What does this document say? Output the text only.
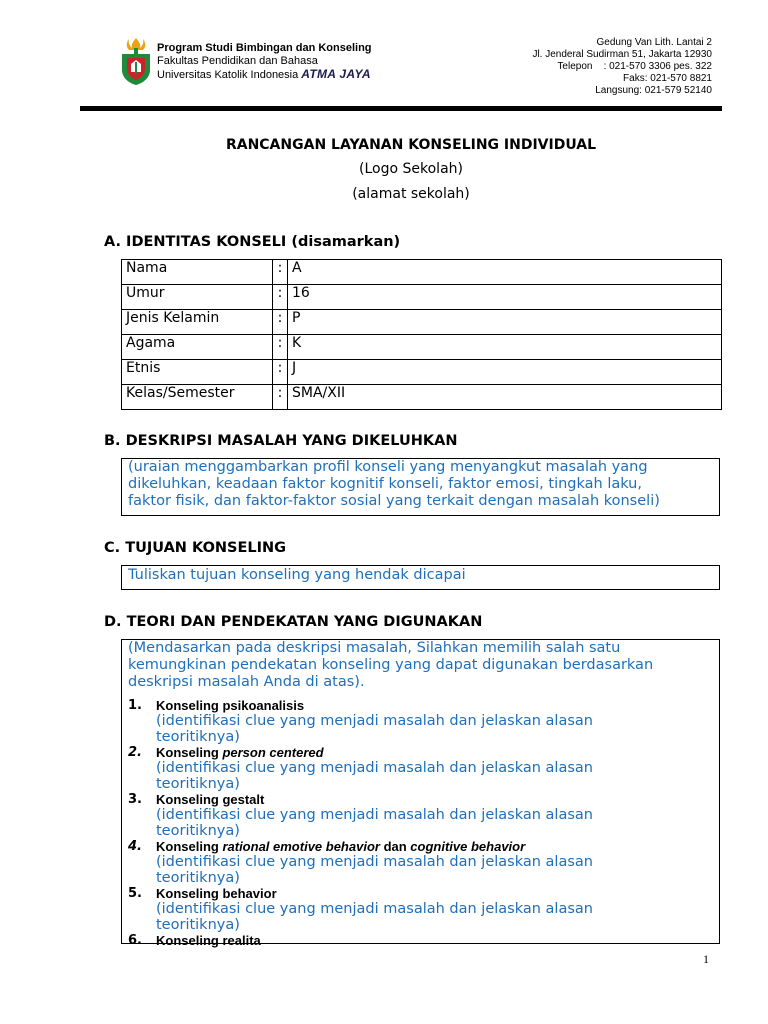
Program Studi Bimbingan dan Konseling
Fakultas Pendidikan dan Bahasa
Universitas Katolik Indonesia ATMA JAYA
Gedung Van Lith. Lantai 2
Jl. Jenderal Sudirman 51, Jakarta 12930
Telepon    : 021-570 3306 pes. 322
Faks: 021-570 8821
Langsung: 021-579 52140
RANCANGAN LAYANAN KONSELING INDIVIDUAL
(Logo Sekolah)
(alamat sekolah)
A. IDENTITAS KONSELI (disamarkan)
Nama	:	A
Umur	:	16
Jenis Kelamin	:	P
Agama	:	K
Etnis	:	J
Kelas/Semester	:	SMA/XII
B. DESKRIPSI MASALAH YANG DIKELUHKAN
(uraian menggambarkan profil konseli yang menyangkut masalah yang
dikeluhkan, keadaan faktor kognitif konseli, faktor emosi, tingkah laku,
faktor fisik, dan faktor-faktor sosial yang terkait dengan masalah konseli)
C. TUJUAN KONSELING
Tuliskan tujuan konseling yang hendak dicapai
D. TEORI DAN PENDEKATAN YANG DIGUNAKAN
(Mendasarkan pada deskripsi masalah, Silahkan memilih salah satu
kemungkinan pendekatan konseling yang dapat digunakan berdasarkan
deskripsi masalah Anda di atas).
1. Konseling psikoanalisis
(identifikasi clue yang menjadi masalah dan jelaskan alasan
teoritiknya)
2. Konseling person centered
(identifikasi clue yang menjadi masalah dan jelaskan alasan
teoritiknya)
3. Konseling gestalt
(identifikasi clue yang menjadi masalah dan jelaskan alasan
teoritiknya)
4. Konseling rational emotive behavior dan cognitive behavior
(identifikasi clue yang menjadi masalah dan jelaskan alasan
teoritiknya)
5. Konseling behavior
(identifikasi clue yang menjadi masalah dan jelaskan alasan
teoritiknya)
6. Konseling realita
1
